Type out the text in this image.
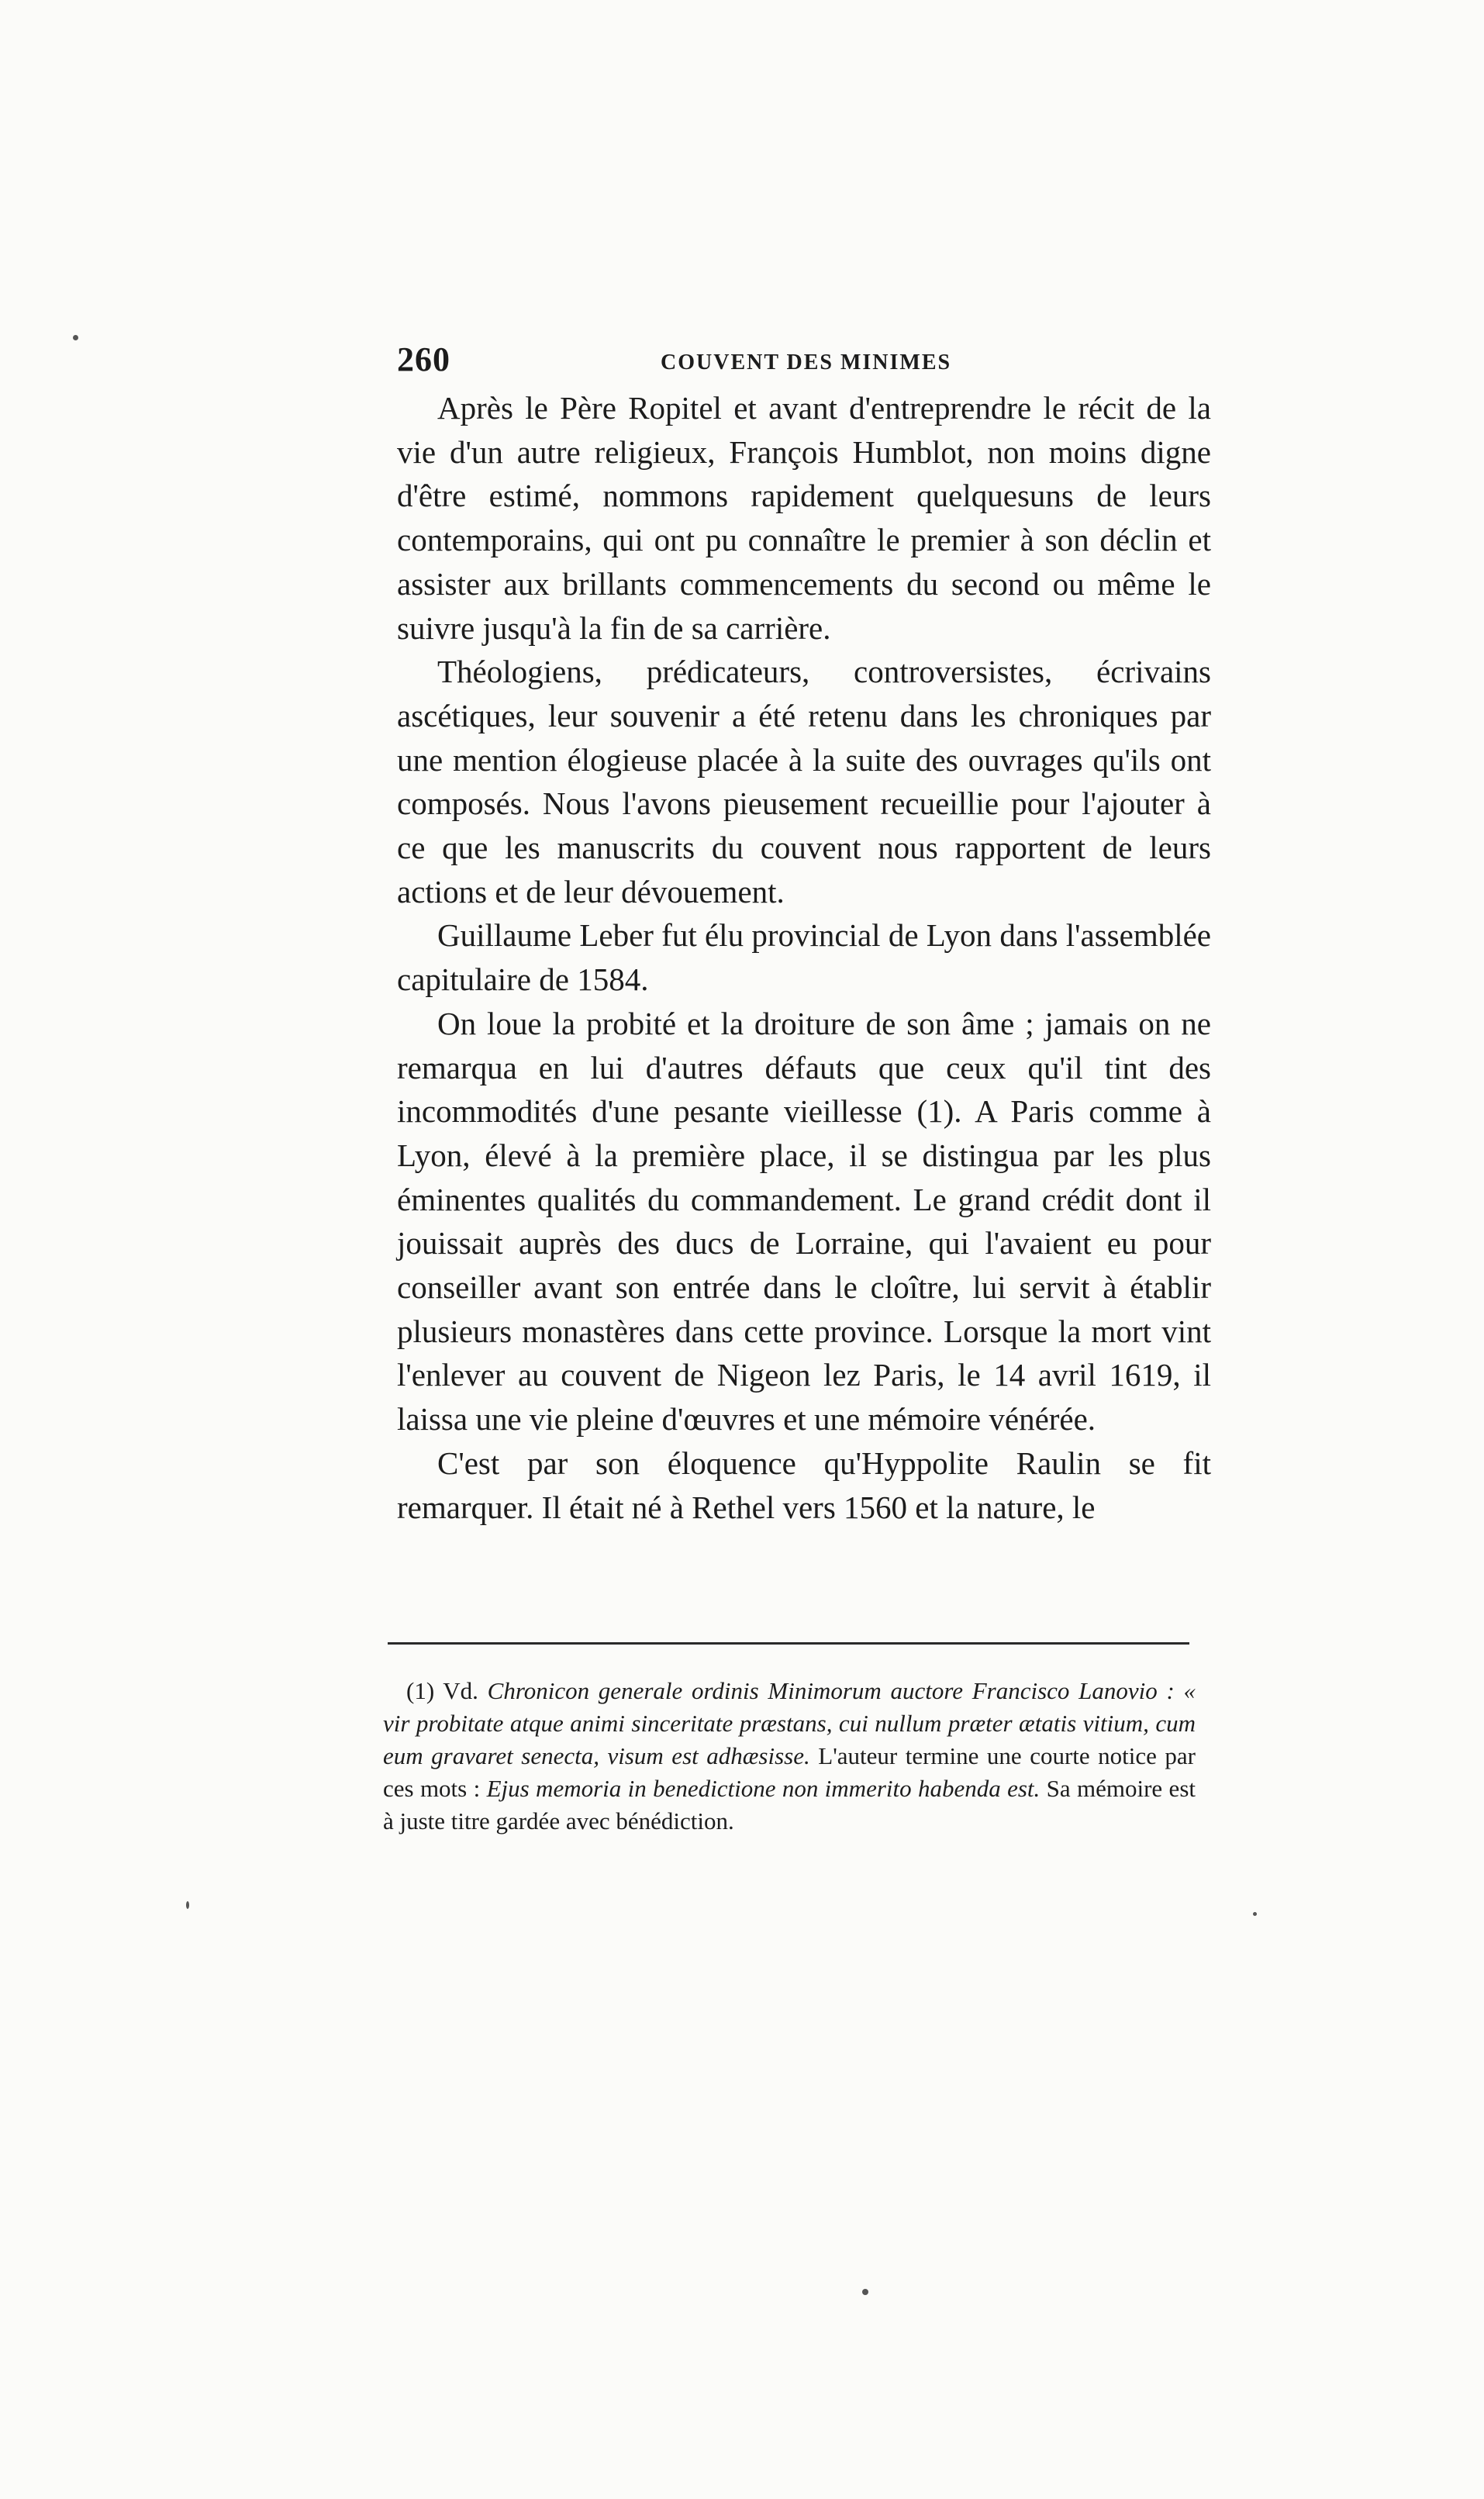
260	COUVENT DES MINIMES

Après le Père Ropitel et avant d'entreprendre le récit de la vie d'un autre religieux, François Humblot, non moins digne d'être estimé, nommons rapidement quelquesuns de leurs contemporains, qui ont pu connaître le premier à son déclin et assister aux brillants commencements du second ou même le suivre jusqu'à la fin de sa carrière.

Théologiens, prédicateurs, controversistes, écrivains ascétiques, leur souvenir a été retenu dans les chroniques par une mention élogieuse placée à la suite des ouvrages qu'ils ont composés. Nous l'avons pieusement recueillie pour l'ajouter à ce que les manuscrits du couvent nous rapportent de leurs actions et de leur dévouement.

Guillaume Leber fut élu provincial de Lyon dans l'assemblée capitulaire de 1584.

On loue la probité et la droiture de son âme ; jamais on ne remarqua en lui d'autres défauts que ceux qu'il tint des incommodités d'une pesante vieillesse (1). A Paris comme à Lyon, élevé à la première place, il se distingua par les plus éminentes qualités du commandement. Le grand crédit dont il jouissait auprès des ducs de Lorraine, qui l'avaient eu pour conseiller avant son entrée dans le cloître, lui servit à établir plusieurs monastères dans cette province. Lorsque la mort vint l'enlever au couvent de Nigeon lez Paris, le 14 avril 1619, il laissa une vie pleine d'œuvres et une mémoire vénérée.

C'est par son éloquence qu'Hyppolite Raulin se fit remarquer. Il était né à Rethel vers 1560 et la nature, le

(1) Vd. Chronicon generale ordinis Minimorum auctore Francisco Lanovio : « vir probitate atque animi sinceritate præstans, cui nullum præter ætatis vitium, cum eum gravaret senecta, visum est adhæsisse. L'auteur termine une courte notice par ces mots : Ejus memoria in benedictione non immerito habenda est. Sa mémoire est à juste titre gardée avec bénédiction.
